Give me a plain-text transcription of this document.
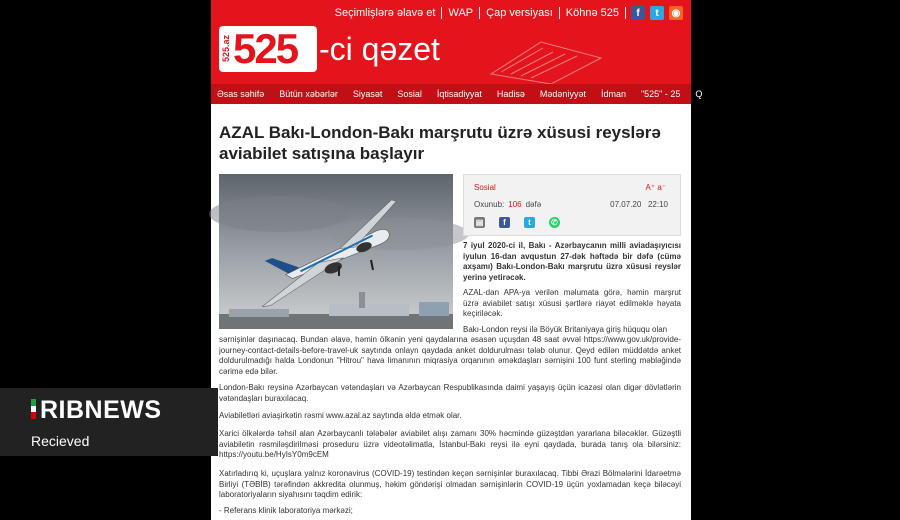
Seçimlişlərə əlavə et	WAP	Çap versiyası	Köhnə 525	f	t	◉
525.az 525 -ci qəzet
Əsas səhifə Bütün xəbərlər Siyasət Sosial İqtisadiyyat Hadisə Mədəniyyət İdman "525" - 25 Q
AZAL Bakı-London-Bakı marşrutu üzrə xüsusi reyslərə aviabilet satışına başlayır
Sosial	A⁺ a⁻
Oxunub: 106 dəfə	07.07.20 22:10
▤	f	t	✆

7 iyul 2020-ci il, Bakı - Azərbaycanın milli aviadaşıyıcısı iyulun 16-dan avqustun 27-dək həftədə bir dəfə (cümə axşamı) Bakı-London-Bakı marşrutu üzrə xüsusi reyslər yerinə yetirəcək.

AZAL-dan APA-ya verilən məlumata görə, həmin marşrut üzrə aviabilet satışı xüsusi şərtlərə riayət edilməklə həyata keçiriləcək.

Bakı-London reysi ilə Böyük Britaniyaya giriş hüququ olan

sərnişinlər daşınacaq. Bundan əlavə, həmin ölkənin yeni qaydalarına əsasən uçuşdan 48 saat əvvəl https://www.gov.uk/provide-journey-contact-details-before-travel-uk saytında onlayn qaydada anket doldurulması tələb olunur. Qeyd edilən müddətdə anket doldurulmadığı halda Londonun "Hitrou" hava limanının miqrasiya orqanının əməkdaşları sərnişini 100 funt sterling məbləğində cərimə edə bilər.

London-Bakı reysinə Azərbaycan vətəndaşları və Azərbaycan Respublikasında daimi yaşayış üçün icazəsi olan digər dövlətlərin vətəndaşları buraxılacaq.

Aviabiletləri aviaşirkətin rəsmi www.azal.az saytında əldə etmək olar.

Xarici ölkələrdə təhsil alan Azərbaycanlı tələbələr aviabilet alışı zamanı 30% həcmində güzəştdən yararlana biləcəklər. Güzəştli aviabiletin rəsmiləşdirilməsi proseduru üzrə videotəlimatla, İstanbul-Bakı reysi ilə eyni qaydada, burada tanış ola bilərsiniz: https://youtu.be/HyIsY0m9cEM

Xatırladırıq ki, uçuşlara yalnız koronavirus (COVID-19) testindən keçən sərnişinlər buraxılacaq. Tibbi Ərazi Bölmələrini İdarəetmə Birliyi (TƏBİB) tərəfindən akkredita olunmuş, həkim göndərişi olmadan sərnişinlərin COVID-19 üçün yoxlamadan keçə biləcəyi laboratoriyaların siyahısını təqdim edirik:

- Referans klinik laboratoriya mərkəzi;

RIBNEWS
Recieved
